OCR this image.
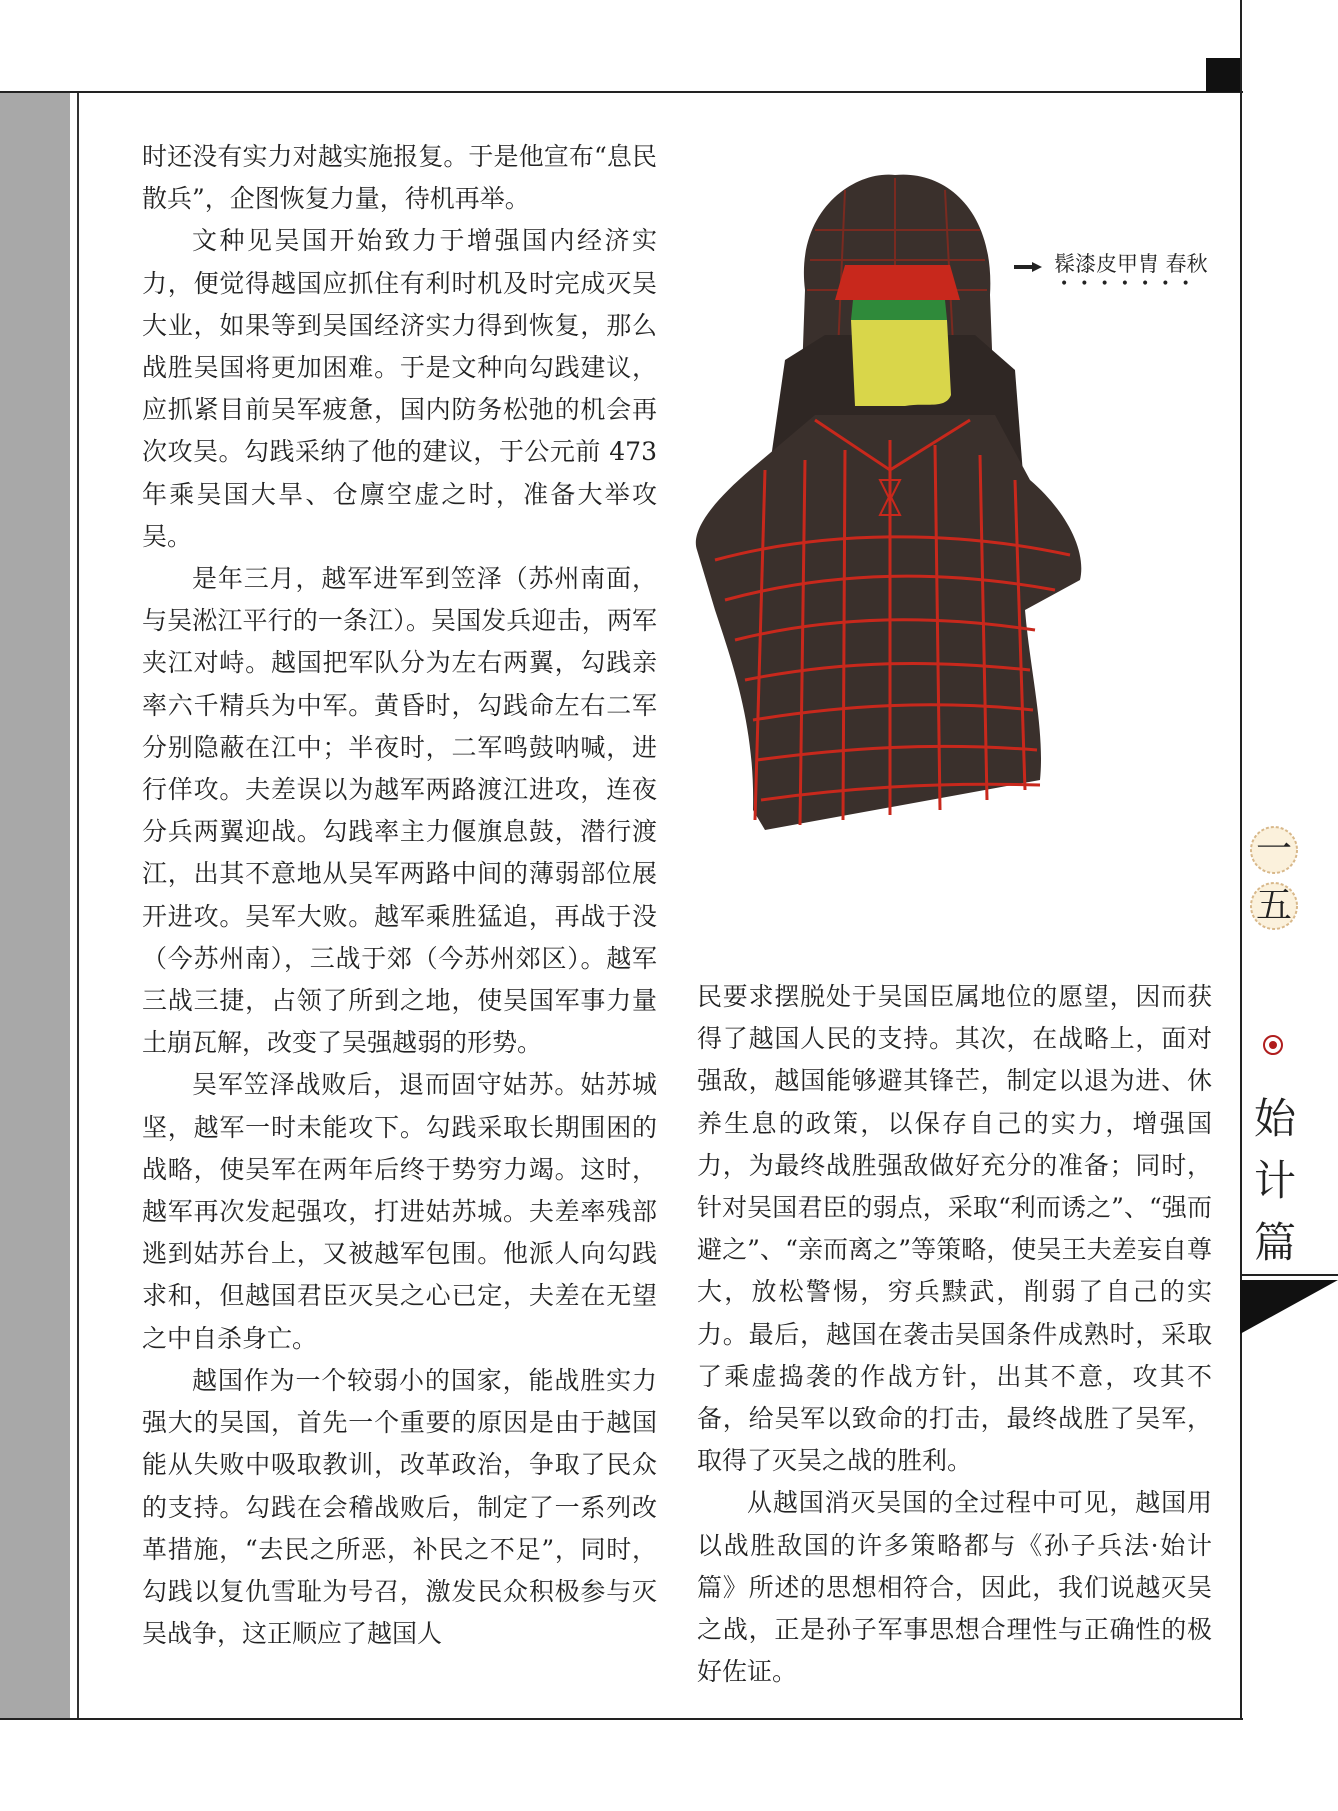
时还没有实力对越实施报复。于是他宣布“息民散兵”，企图恢复力量，待机再举。

文种见吴国开始致力于增强国内经济实力，便觉得越国应抓住有利时机及时完成灭吴大业，如果等到吴国经济实力得到恢复，那么战胜吴国将更加困难。于是文种向勾践建议，应抓紧目前吴军疲惫，国内防务松弛的机会再次攻吴。勾践采纳了他的建议，于公元前 473 年乘吴国大旱、仓廪空虚之时，准备大举攻吴。

是年三月，越军进军到笠泽（苏州南面，与吴淞江平行的一条江）。吴国发兵迎击，两军夹江对峙。越国把军队分为左右两翼，勾践亲率六千精兵为中军。黄昏时，勾践命左右二军分别隐蔽在江中；半夜时，二军鸣鼓呐喊，进行佯攻。夫差误以为越军两路渡江进攻，连夜分兵两翼迎战。勾践率主力偃旗息鼓，潜行渡江，出其不意地从吴军两路中间的薄弱部位展开进攻。吴军大败。越军乘胜猛追，再战于没（今苏州南），三战于郊（今苏州郊区）。越军三战三捷，占领了所到之地，使吴国军事力量土崩瓦解，改变了吴强越弱的形势。

吴军笠泽战败后，退而固守姑苏。姑苏城坚，越军一时未能攻下。勾践采取长期围困的战略，使吴军在两年后终于势穷力竭。这时，越军再次发起强攻，打进姑苏城。夫差率残部逃到姑苏台上，又被越军包围。他派人向勾践求和，但越国君臣灭吴之心已定，夫差在无望之中自杀身亡。

越国作为一个较弱小的国家，能战胜实力强大的吴国，首先一个重要的原因是由于越国能从失败中吸取教训，改革政治，争取了民众的支持。勾践在会稽战败后，制定了一系列改革措施，“去民之所恶，补民之不足”，同时，勾践以复仇雪耻为号召，激发民众积极参与灭吴战争，这正顺应了越国人

民要求摆脱处于吴国臣属地位的愿望，因而获得了越国人民的支持。其次，在战略上，面对强敌，越国能够避其锋芒，制定以退为进、休养生息的政策，以保存自己的实力，增强国力，为最终战胜强敌做好充分的准备；同时，针对吴国君臣的弱点，采取“利而诱之”、“强而避之”、“亲而离之”等策略，使吴王夫差妄自尊大，放松警惕，穷兵黩武，削弱了自己的实力。最后，越国在袭击吴国条件成熟时，采取了乘虚捣袭的作战方针，出其不意，攻其不备，给吴军以致命的打击，最终战胜了吴军，取得了灭吴之战的胜利。

从越国消灭吴国的全过程中可见，越国用以战胜敌国的许多策略都与《孙子兵法·始计篇》所述的思想相符合，因此，我们说越灭吴之战，正是孙子军事思想合理性与正确性的极好佐证。

髹漆皮甲胄 春秋
•••••••
一
五
始
计
篇
